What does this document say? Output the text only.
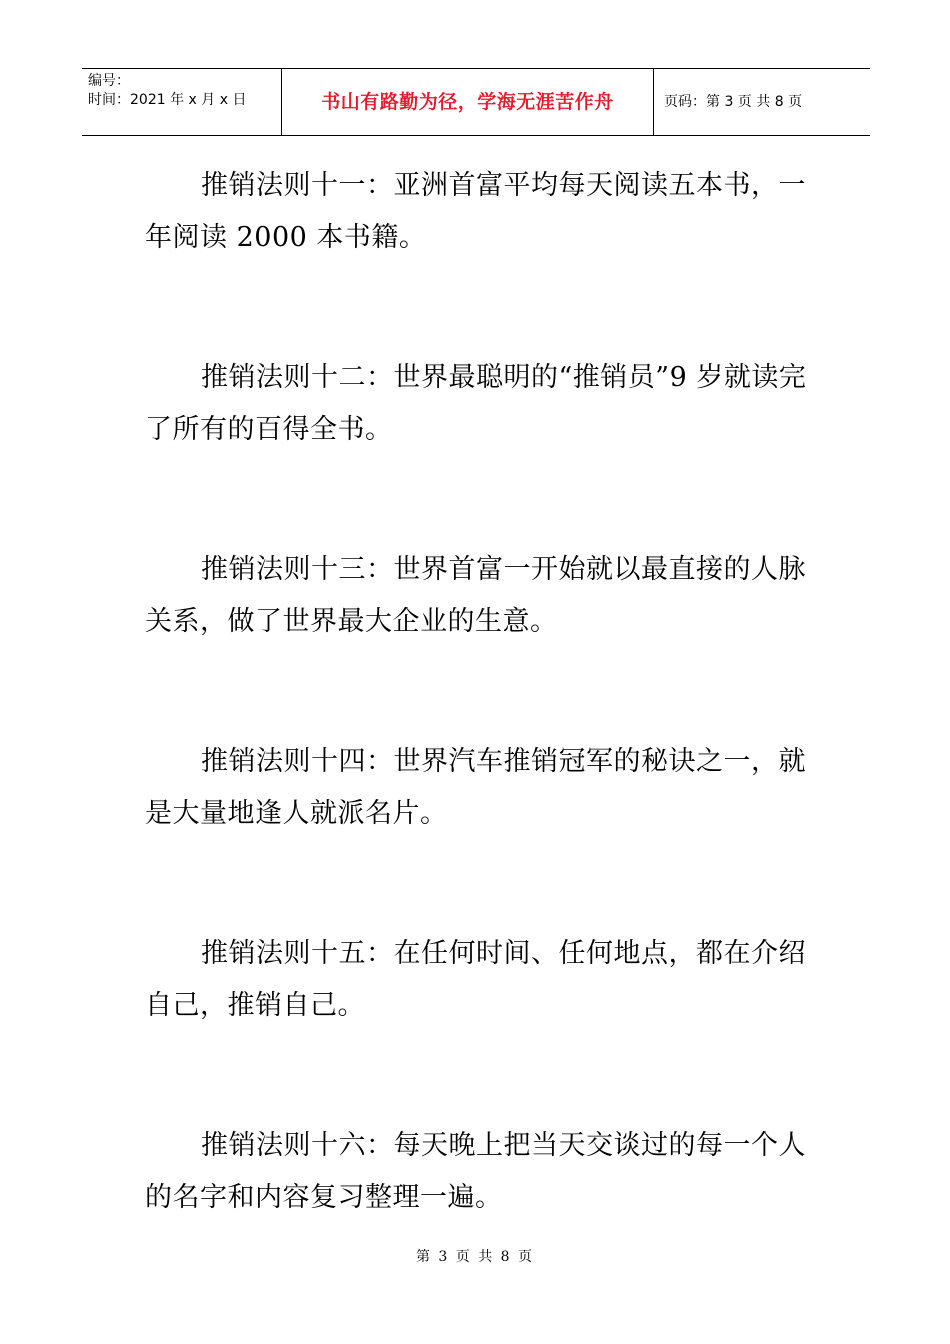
编号：
时间：2021 年 x 月 x 日	书山有路勤为径，学海无涯苦作舟	页码：第 3 页 共 8 页

推销法则十一：亚洲首富平均每天阅读五本书，一年阅读 2000 本书籍。

推销法则十二：世界最聪明的“推销员”9 岁就读完了所有的百得全书。

推销法则十三：世界首富一开始就以最直接的人脉关系，做了世界最大企业的生意。

推销法则十四：世界汽车推销冠军的秘诀之一，就是大量地逢人就派名片。

推销法则十五：在任何时间、任何地点，都在介绍自己，推销自己。

推销法则十六：每天晚上把当天交谈过的每一个人的名字和内容复习整理一遍。

第 3 页 共 8 页
